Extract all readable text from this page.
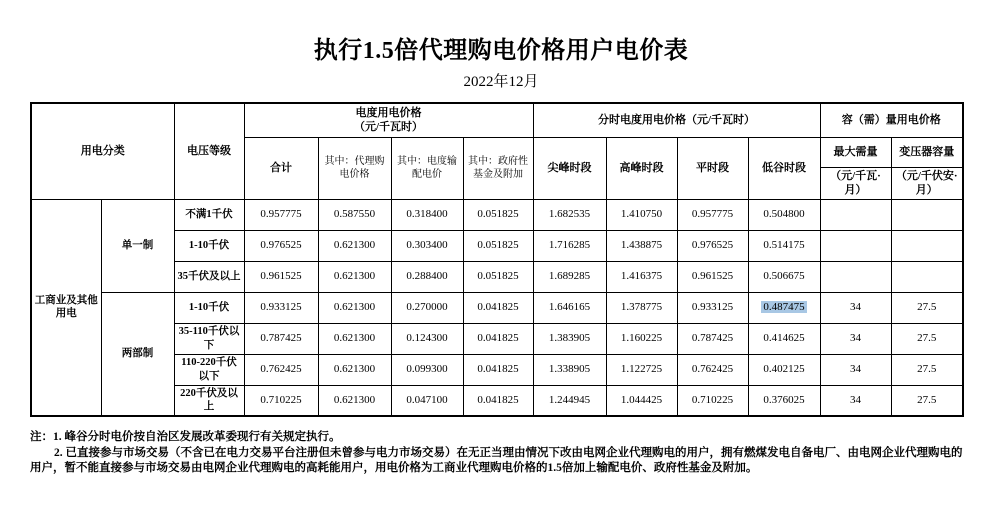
执行1.5倍代理购电价格用户电价表
2022年12月
用电分类		电压等级	电度用电价格
（元/千瓦时）				分时电度用电价格（元/千瓦时）				容（需）量用电价格	
			合计	其中：代理购电价格	其中：电度输配电价	其中：政府性基金及附加	尖峰时段	高峰时段	平时段	低谷时段	最大需量	变压器容量
											（元/千瓦·月）	（元/千伏安·月）
工商业及其他用电	单一制	不满1千伏	0.957775	0.587550	0.318400	0.051825	1.682535	1.410750	0.957775	0.504800		
		1-10千伏	0.976525	0.621300	0.303400	0.051825	1.716285	1.438875	0.976525	0.514175		
		35千伏及以上	0.961525	0.621300	0.288400	0.051825	1.689285	1.416375	0.961525	0.506675		
	两部制	1-10千伏	0.933125	0.621300	0.270000	0.041825	1.646165	1.378775	0.933125	0.487475	34	27.5
		35-110千伏以下	0.787425	0.621300	0.124300	0.041825	1.383905	1.160225	0.787425	0.414625	34	27.5
		110-220千伏以下	0.762425	0.621300	0.099300	0.041825	1.338905	1.122725	0.762425	0.402125	34	27.5
		220千伏及以上	0.710225	0.621300	0.047100	0.041825	1.244945	1.044425	0.710225	0.376025	34	27.5
注：1. 峰谷分时电价按自治区发展改革委现行有关规定执行。
2. 已直接参与市场交易（不含已在电力交易平台注册但未曾参与电力市场交易）在无正当理由情况下改由电网企业代理购电的用户，拥有燃煤发电自备电厂、由电网企业代理购电的用户，暂不能直接参与市场交易由电网企业代理购电的高耗能用户，用电价格为工商业代理购电价格的1.5倍加上输配电价、政府性基金及附加。
